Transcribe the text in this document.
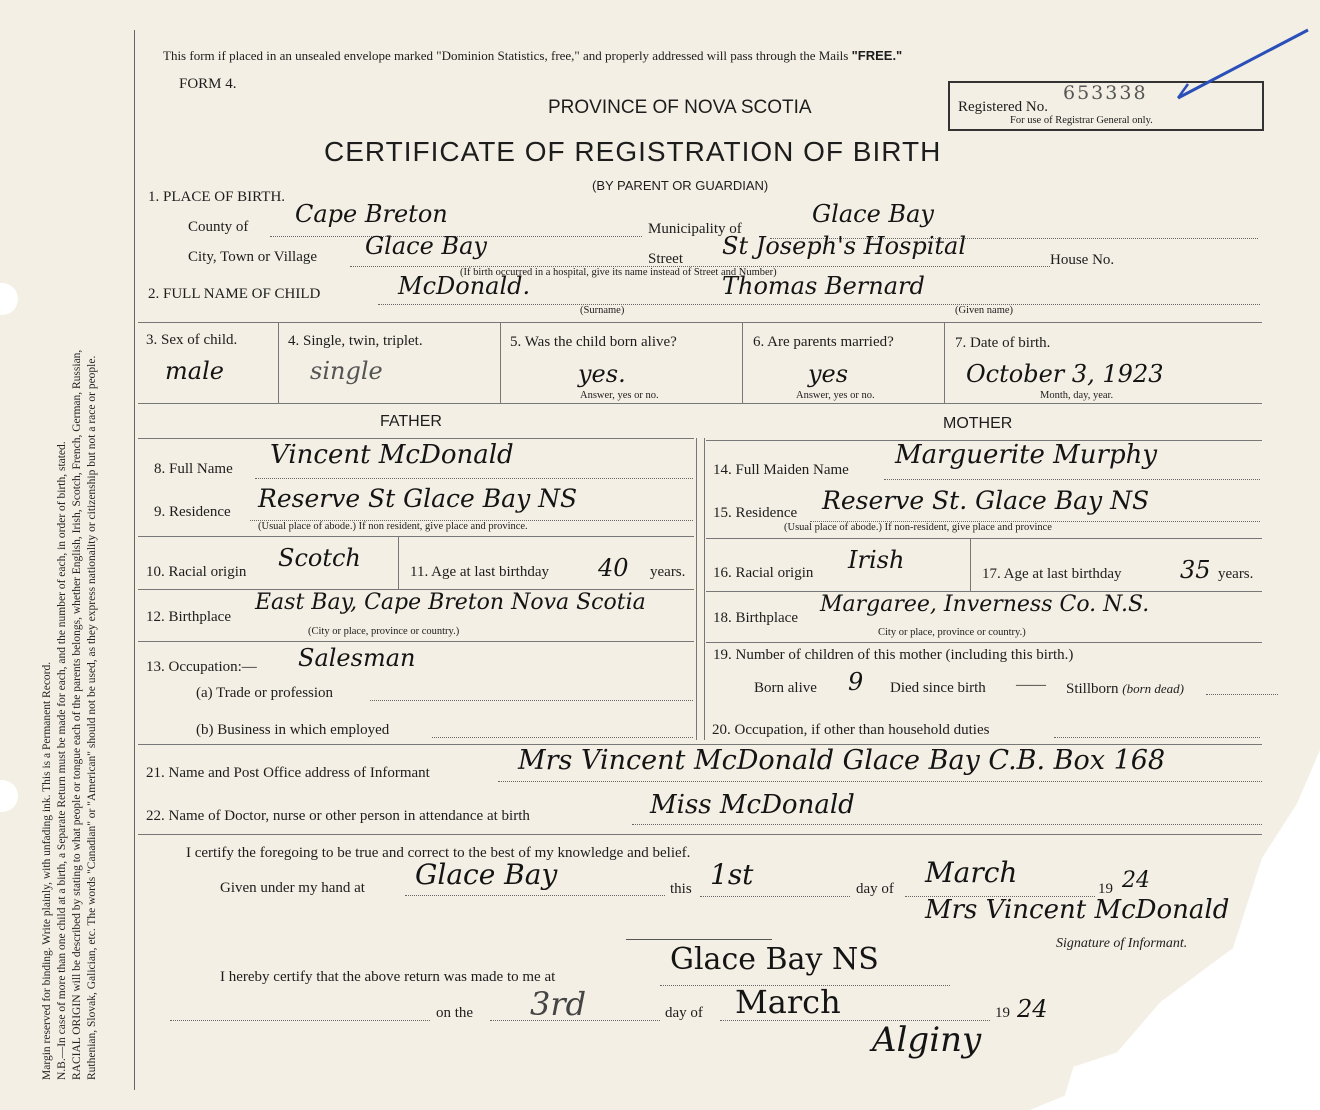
Margin reserved for binding. Write plainly, with unfading ink. This is a Permanent Record. N.B.—In case of more than one child at a birth, a Separate Return must be made for each, and the number of each, in order of birth, stated. RACIAL ORIGIN will be described by stating to what people or tongue each of the parents belongs, whether English, Irish, Scotch, French, German, Russian, Ruthenian, Slovak, Galician, etc. The words "Canadian" or "American" should not be used, as they express nationality or citizenship but not a race or people.
This form if placed in an unsealed envelope marked "Dominion Statistics, free," and properly addressed will pass through the Mails "FREE."
FORM 4.
PROVINCE OF NOVA SCOTIA
CERTIFICATE OF REGISTRATION OF BIRTH
(BY PARENT OR GUARDIAN)
Registered No.
653338
For use of Registrar General only.
1. PLACE OF BIRTH.
County of Cape Breton
Municipality of
Glace Bay
City, Town or Village Glace Bay	Street St Joseph's Hospital	House No.
(If birth occurred in a hospital, give its name instead of Street and Number)
2. FULL NAME OF CHILD	McDonald.	Thomas Bernard
(Surname)	(Given name)
3. Sex of child.
male
4. Single, twin, triplet.
single
5. Was the child born alive?
yes.
Answer, yes or no.
6. Are parents married?
yes
Answer, yes or no.
7. Date of birth.
October 3, 1923
Month, day, year.
FATHER	MOTHER
8. Full Name Vincent McDonald
9. Residence Reserve St Glace Bay NS
(Usual place of abode.) If non resident, give place and province.
10. Racial origin Scotch	11. Age at last birthday 40 years.
12. Birthplace
East Bay, Cape Breton Nova Scotia
(City or place, province or country.)
13. Occupation:— Salesman
(a) Trade or profession
(b) Business in which employed
14. Full Maiden Name Marguerite Murphy
15. Residence Reserve St. Glace Bay NS
(Usual place of abode.) If non-resident, give place and province
16. Racial origin Irish	17. Age at last birthday 35 years.
18. Birthplace
Margaree, Inverness Co. N.S.
City or place, province or country.)
19. Number of children of this mother (including this birth.)
Born alive 9 Died since birth —— Stillborn (born dead)
20. Occupation, if other than household duties
21. Name and Post Office address of Informant	Mrs Vincent McDonald Glace Bay C.B. Box 168
22. Name of Doctor, nurse or other person in attendance at birth	Miss McDonald
I certify the foregoing to be true and correct to the best of my knowledge and belief.
Given under my hand at Glace Bay	this 1st	day of March	19 24
Mrs Vincent McDonald
Signature of Informant.
I hereby certify that the above return was made to me at	Glace Bay NS
on the 3rd	day of March	19 24
Alginy
